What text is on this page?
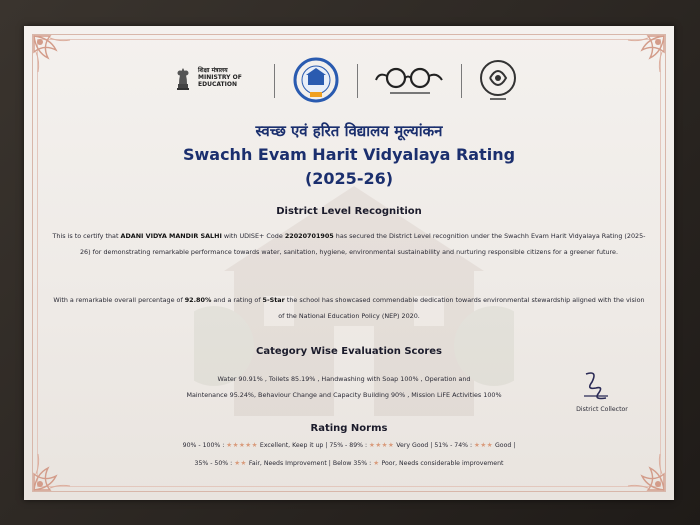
शिक्षा मंत्रालय
MINISTRY OF
EDUCATION
स्वच्छ एवं हरित विद्यालय मूल्यांकन
Swachh Evam Harit Vidyalaya Rating
(2025-26)
District Level Recognition
This is to certify that ADANI VIDYA MANDIR SALHI with UDISE+ Code 22020701905 has secured the District Level recognition under the Swachh Evam Harit Vidyalaya Rating (2025-26) for demonstrating remarkable performance towards water, sanitation, hygiene, environmental sustainability and nurturing responsible citizens for a greener future.
With a remarkable overall percentage of 92.80% and a rating of 5-Star the school has showcased commendable dedication towards environmental stewardship aligned with the vision of the National Education Policy (NEP) 2020.
Category Wise Evaluation Scores
Water 90.91% , Toilets 85.19% , Handwashing with Soap 100% , Operation and
Maintenance 95.24%, Behaviour Change and Capacity Building 90% , Mission LiFE Activities 100%
District Collector
Rating Norms
90% - 100% : ★★★★★ Excellent, Keep it up | 75% - 89% : ★★★★ Very Good | 51% - 74% : ★★★ Good |
35% - 50% : ★★ Fair, Needs Improvement | Below 35% : ★ Poor, Needs considerable improvement
